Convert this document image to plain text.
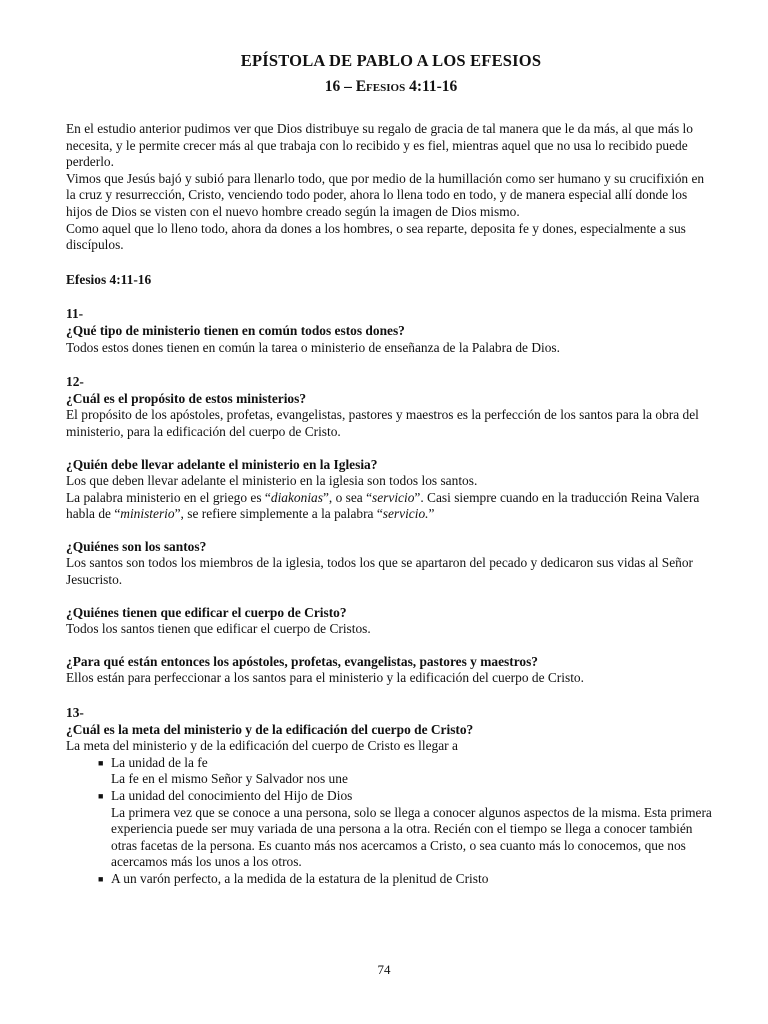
EPÍSTOLA DE PABLO A LOS EFESIOS
16 – Efesios 4:11-16

En el estudio anterior pudimos ver que Dios distribuye su regalo de gracia de tal manera que le da más, al que más lo necesita, y le permite crecer más al que trabaja con lo recibido y es fiel, mientras aquel que no usa lo recibido puede perderlo.

Vimos que Jesús bajó y subió para llenarlo todo, que por medio de la humillación como ser humano y su crucifixión en la cruz y resurrección, Cristo, venciendo todo poder, ahora lo llena todo en todo, y de manera especial allí donde los hijos de Dios se visten con el nuevo hombre creado según la imagen de Dios mismo.

Como aquel que lo lleno todo, ahora da dones a los hombres, o sea reparte, deposita fe y dones, especialmente a sus discípulos.

Efesios 4:11-16

11-

¿Qué tipo de ministerio tienen en común todos estos dones?

Todos estos dones tienen en común la tarea o ministerio de enseñanza de la Palabra de Dios.

12-

¿Cuál es el propósito de estos ministerios?

El propósito de los apóstoles, profetas, evangelistas, pastores y maestros es la perfección de los santos para la obra del ministerio, para la edificación del cuerpo de Cristo.

¿Quién debe llevar adelante el ministerio en la Iglesia?

Los que deben llevar adelante el ministerio en la iglesia son todos los santos.

La palabra ministerio en el griego es “diakonias”, o sea “servicio”. Casi siempre cuando en la traducción Reina Valera habla de “ministerio”, se refiere simplemente a la palabra “servicio.”

¿Quiénes son los santos?

Los santos son todos los miembros de la iglesia, todos los que se apartaron del pecado y dedicaron sus vidas al Señor Jesucristo.

¿Quiénes tienen que edificar el cuerpo de Cristo?

Todos los santos tienen que edificar el cuerpo de Cristos.

¿Para qué están entonces los apóstoles, profetas, evangelistas, pastores y maestros?

Ellos están para perfeccionar a los santos para el ministerio y la edificación del cuerpo de Cristo.

13-

¿Cuál es la meta del ministerio y de la edificación del cuerpo de Cristo?

La meta del ministerio y de la edificación del cuerpo de Cristo es llegar a

■ La unidad de la fe
La fe en el mismo Señor y Salvador nos une
■ La unidad del conocimiento del Hijo de Dios
La primera vez que se conoce a una persona, solo se llega a conocer algunos aspectos de la misma. Esta primera experiencia puede ser muy variada de una persona a la otra. Recién con el tiempo se llega a conocer también otras facetas de la persona. Es cuanto más nos acercamos a Cristo, o sea cuanto más lo conocemos, que nos acercamos más los unos a los otros.
■ A un varón perfecto, a la medida de la estatura de la plenitud de Cristo
74
